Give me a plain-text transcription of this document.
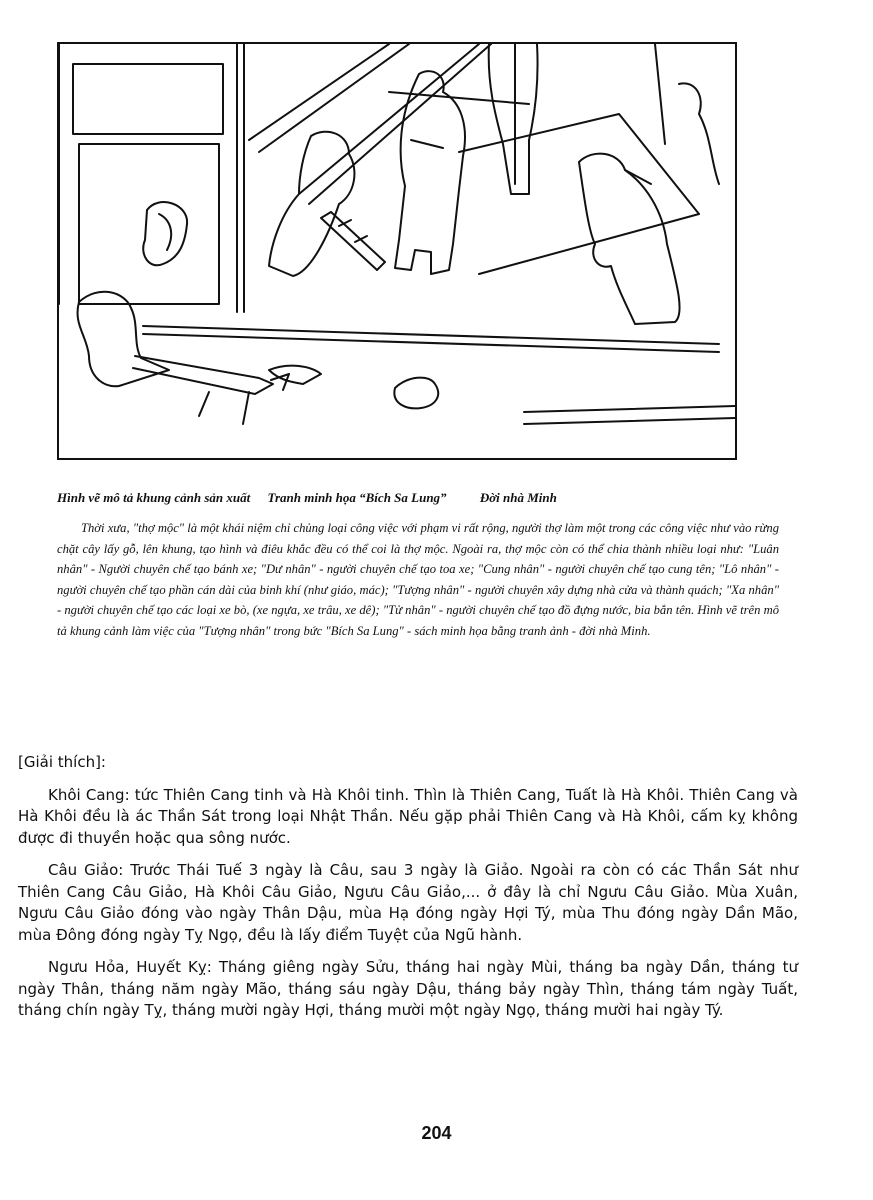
Hình vẽ mô tả khung cảnh sản xuất Tranh minh họa “Bích Sa Lung”	Đời nhà Minh

Thời xưa, "thợ mộc" là một khái niệm chỉ chủng loại công việc với phạm vi rất rộng, người thợ làm một trong các công việc như vào rừng chặt cây lấy gỗ, lên khung, tạo hình và điêu khắc đều có thể coi là thợ mộc. Ngoài ra, thợ mộc còn có thể chia thành nhiều loại như: "Luân nhân" - Người chuyên chế tạo bánh xe; "Dư nhân" - người chuyên chế tạo toa xe; "Cung nhân" - người chuyên chế tạo cung tên; "Lô nhân" - người chuyên chế tạo phần cán dài của binh khí (như giáo, mác); "Tượng nhân" - người chuyên xây dựng nhà cửa và thành quách; "Xa nhân" - người chuyên chế tạo các loại xe bò, (xe ngựa, xe trâu, xe dê); "Tử nhân" - người chuyên chế tạo đồ đựng nước, bia bắn tên. Hình vẽ trên mô tả khung cảnh làm việc của "Tượng nhân" trong bức "Bích Sa Lung" - sách minh họa bằng tranh ảnh - đời nhà Minh.

[Giải thích]:

Khôi Cang: tức Thiên Cang tinh và Hà Khôi tinh. Thìn là Thiên Cang, Tuất là Hà Khôi. Thiên Cang và Hà Khôi đều là ác Thần Sát trong loại Nhật Thần. Nếu gặp phải Thiên Cang và Hà Khôi, cấm kỵ không được đi thuyền hoặc qua sông nước.

Câu Giảo: Trước Thái Tuế 3 ngày là Câu, sau 3 ngày là Giảo. Ngoài ra còn có các Thần Sát như Thiên Cang Câu Giảo, Hà Khôi Câu Giảo, Ngưu Câu Giảo,... ở đây là chỉ Ngưu Câu Giảo. Mùa Xuân, Ngưu Câu Giảo đóng vào ngày Thân Dậu, mùa Hạ đóng ngày Hợi Tý, mùa Thu đóng ngày Dần Mão, mùa Đông đóng ngày Tỵ Ngọ, đều là lấy điểm Tuyệt của Ngũ hành.

Ngưu Hỏa, Huyết Kỵ: Tháng giêng ngày Sửu, tháng hai ngày Mùi, tháng ba ngày Dần, tháng tư ngày Thân, tháng năm ngày Mão, tháng sáu ngày Dậu, tháng bảy ngày Thìn, tháng tám ngày Tuất, tháng chín ngày Tỵ, tháng mười ngày Hợi, tháng mười một ngày Ngọ, tháng mười hai ngày Tý.

204
